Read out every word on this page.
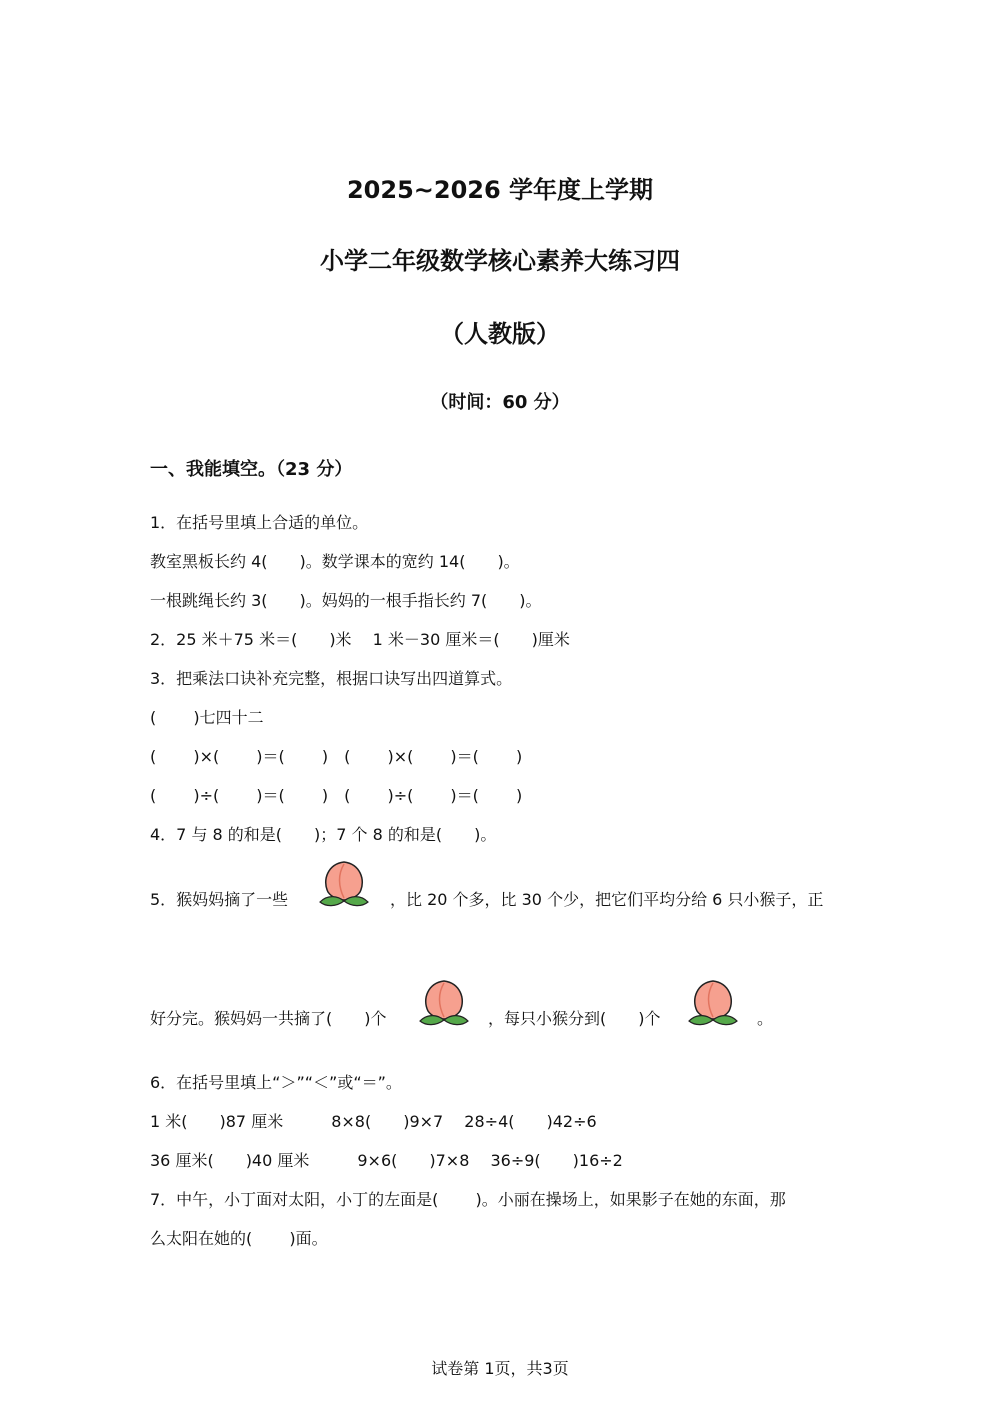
2025~2026 学年度上学期
小学二年级数学核心素养大练习四
（人教版）
（时间：60 分）
一、我能填空。（23 分）
1．在括号里填上合适的单位。
教室黑板长约 4(　　)。数学课本的宽约 14(　　)。
一根跳绳长约 3(　　)。妈妈的一根手指长约 7(　　)。
2．25 米＋75 米＝(　　)米　 1 米－30 厘米＝(　　)厘米
3．把乘法口诀补充完整，根据口诀写出四道算式。
(　　 )七四十二
(　　 )×(　　 )＝(　　 )　(　　 )×(　　 )＝(　　 )
(　　 )÷(　　 )＝(　　 )　(　　 )÷(　　 )＝(　　 )
4．7 与 8 的和是(　　)；7 个 8 的和是(　　)。
5．猴妈妈摘了一些	，比 20 个多，比 30 个少，把它们平均分给 6 只小猴子，正
好分完。猴妈妈一共摘了(　　)个	，每只小猴分到(　　)个	。
6．在括号里填上“＞”“＜”或“＝”。
1 米(　　)87 厘米　　　8×8(　　)9×7　 28÷4(　　)42÷6
36 厘米(　　)40 厘米　　　9×6(　　)7×8　 36÷9(　　)16÷2
7．中午，小丁面对太阳，小丁的左面是(　　 )。小丽在操场上，如果影子在她的东面，那
么太阳在她的(　　 )面。
试卷第 1页，共3页
